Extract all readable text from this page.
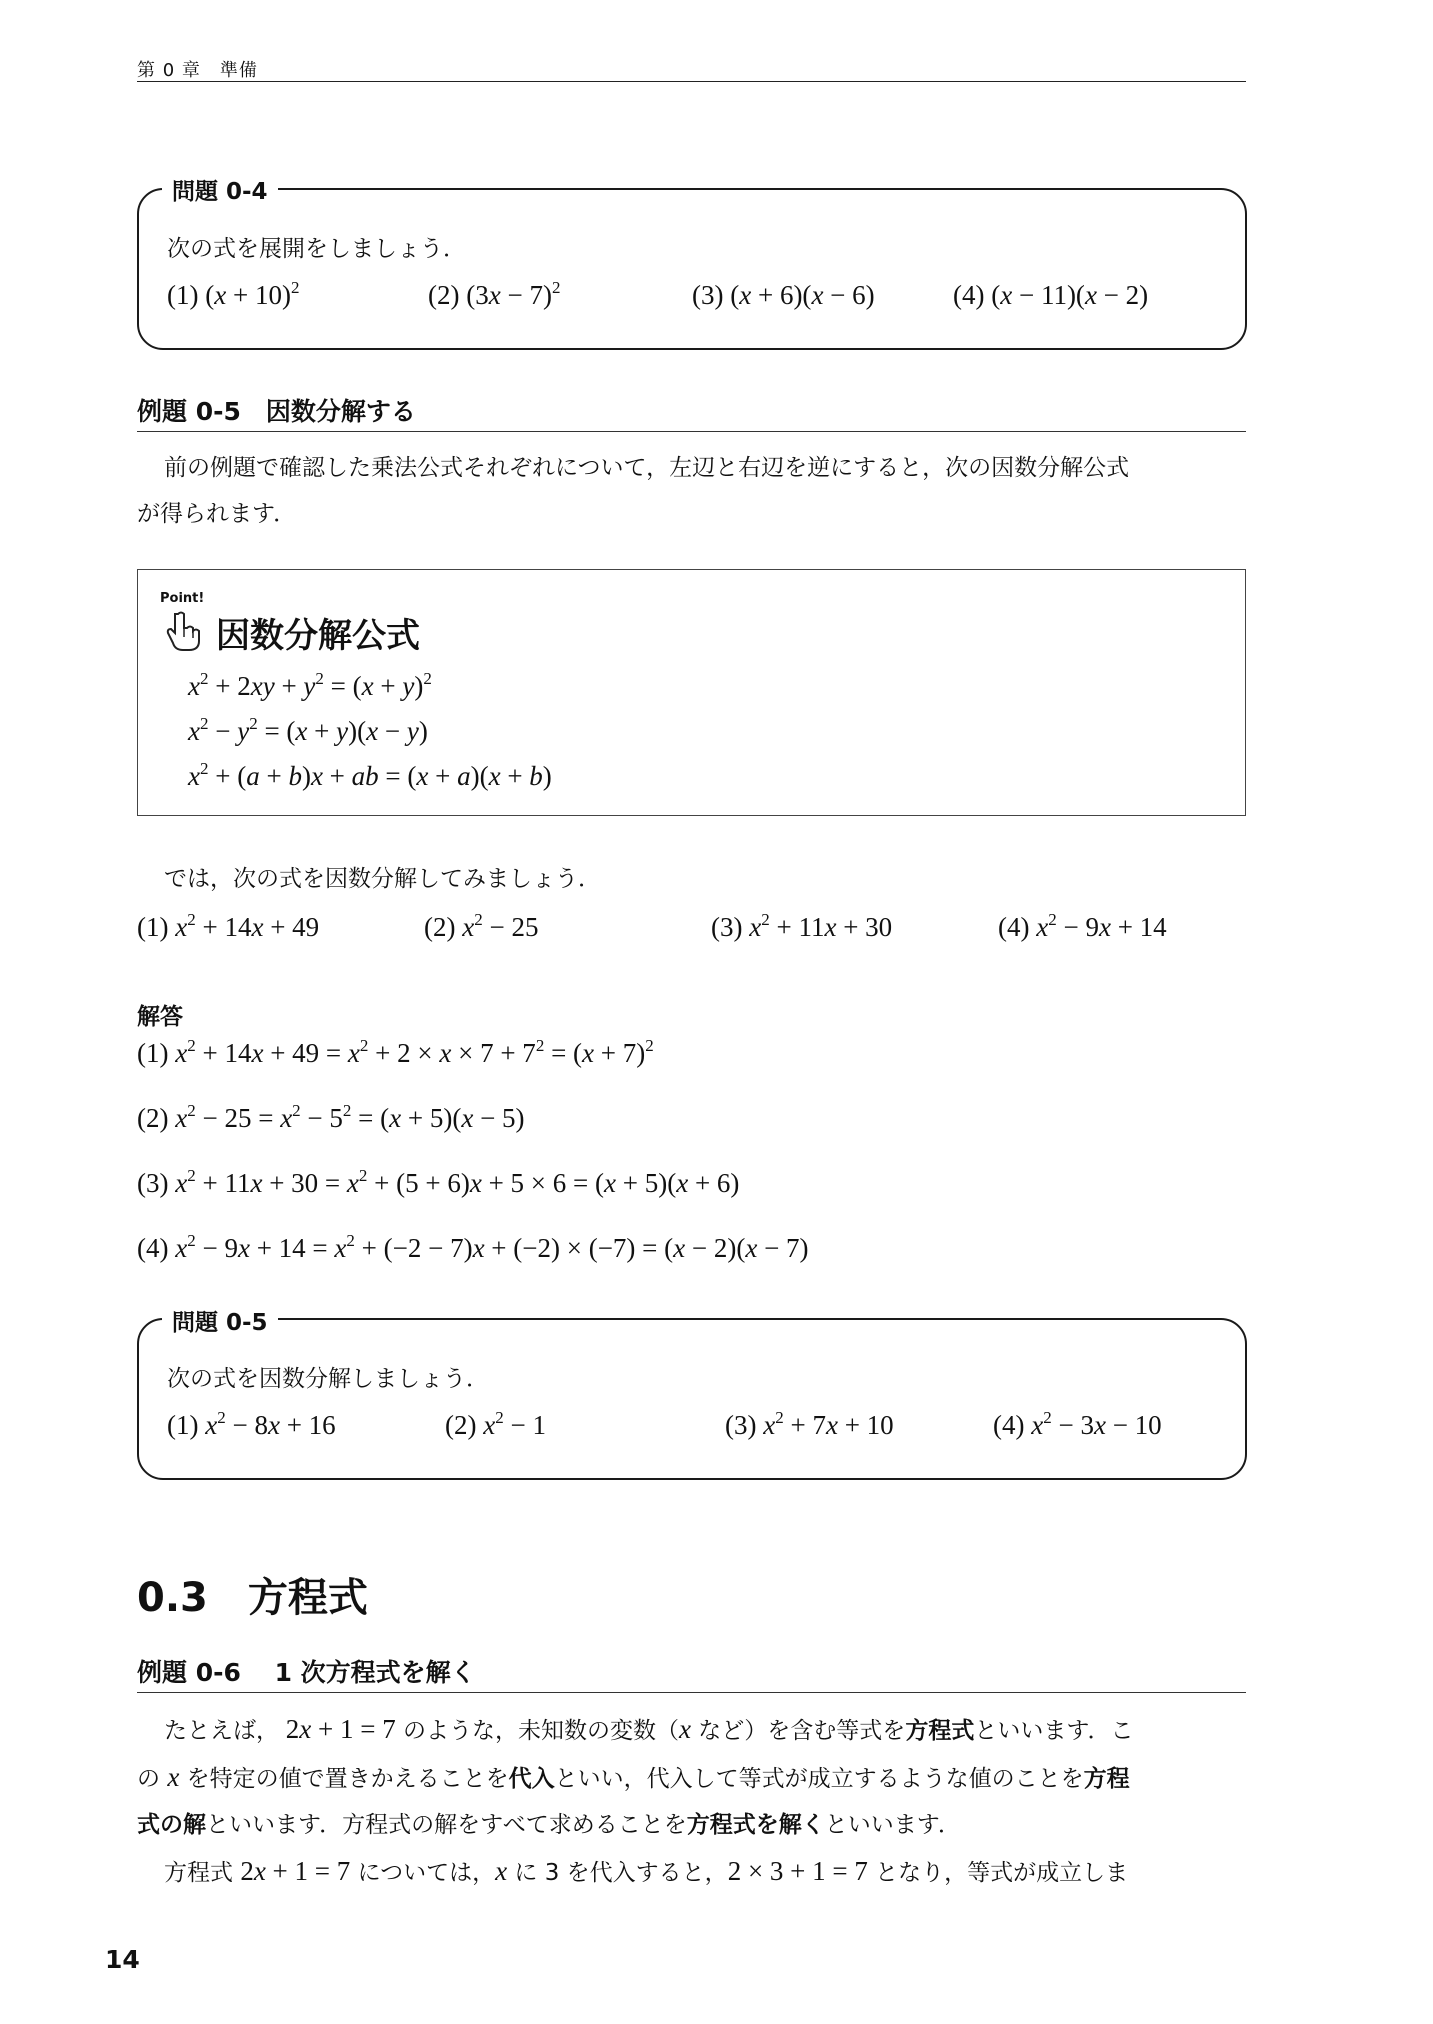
第 0 章　準備
問題 0-4
次の式を展開をしましょう．
(1) $(x + 10)^2$	(2) $(3x - 7)^2$	(3) (x + 6)(x − 6)	(4) (x − 11)(x − 2)
例題 0-5　因数分解する
前の例題で確認した乗法公式それぞれについて，左辺と右辺を逆にすると，次の因数分解公式
が得られます．
Point!
因数分解公式
$x^2 + 2xy + y^2 = (x + y)^2$
$x^2 - y^2 = (x + y)(x - y)$
$x^2 + (a + b)x$ + ab = (x + a)(x + b)
では，次の式を因数分解してみましょう．
(1) $x^2 + 14x + 49$	(2) $x^2 - 25$	(3) $x^2 + 11x + 30$	(4) $x^2 - 9x + 14$
解答
(1) $x^2 + 14x + 49 = x^2 + 2 \times x \times 7 + 7^2 = (x + 7)^2$
(2) $x^2 - 25 = x^2 - 5^2 = (x + 5)(x - 5)$
(3) $x^2 + 11x + 30 = x^2 + (5 + 6)x + 5 \times 6 = (x + 5)(x + 6)$
(4) $x^2 - 9x + 14 = x^2 + (-2 - 7)x + (-2) \times (-7) = (x - 2)(x - 7)$
問題 0-5
次の式を因数分解しましょう．
(1) $x^2 - 8x + 16$	(2) $x^2 - 1$	(3) $x^2 + 7x + 10$	(4) $x^2 - 3x - 10$
0.3　方程式
例題 0-6　 1 次方程式を解く
たとえば， 2x + 1 = 7 のような，未知数の変数（x など）を含む等式を方程式といいます．こ
の x を特定の値で置きかえることを代入といい，代入して等式が成立するような値のことを方程
式の解といいます．方程式の解をすべて求めることを方程式を解くといいます．
方程式 2x + 1 = 7 については，x に 3 を代入すると，2 × 3 + 1 = 7 となり，等式が成立しま
14
